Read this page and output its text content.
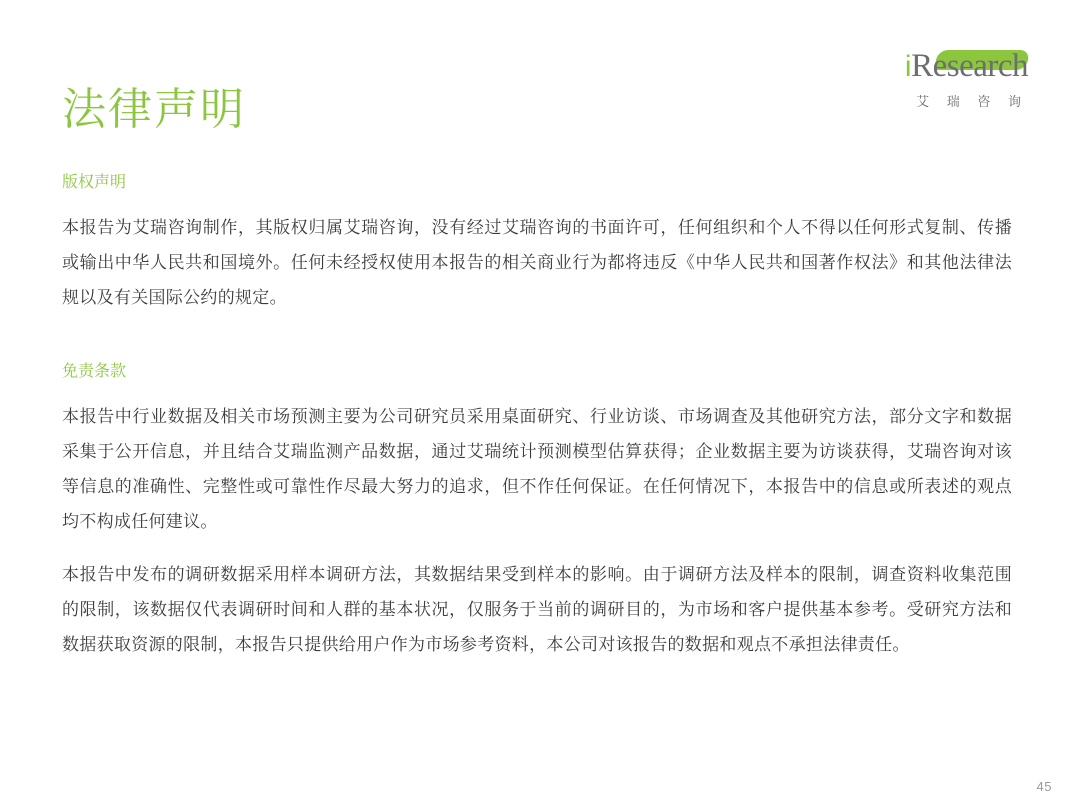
法律声明
iResearch
艾 瑞 咨 询
版权声明

本报告为艾瑞咨询制作，其版权归属艾瑞咨询，没有经过艾瑞咨询的书面许可，任何组织和个人不得以任何形式复制、传播或输出中华人民共和国境外。任何未经授权使用本报告的相关商业行为都将违反《中华人民共和国著作权法》和其他法律法规以及有关国际公约的规定。

免责条款

本报告中行业数据及相关市场预测主要为公司研究员采用桌面研究、行业访谈、市场调查及其他研究方法，部分文字和数据采集于公开信息，并且结合艾瑞监测产品数据，通过艾瑞统计预测模型估算获得；企业数据主要为访谈获得，艾瑞咨询对该等信息的准确性、完整性或可靠性作尽最大努力的追求，但不作任何保证。在任何情况下，本报告中的信息或所表述的观点均不构成任何建议。

本报告中发布的调研数据采用样本调研方法，其数据结果受到样本的影响。由于调研方法及样本的限制，调查资料收集范围的限制，该数据仅代表调研时间和人群的基本状况，仅服务于当前的调研目的，为市场和客户提供基本参考。受研究方法和数据获取资源的限制，本报告只提供给用户作为市场参考资料，本公司对该报告的数据和观点不承担法律责任。

45
